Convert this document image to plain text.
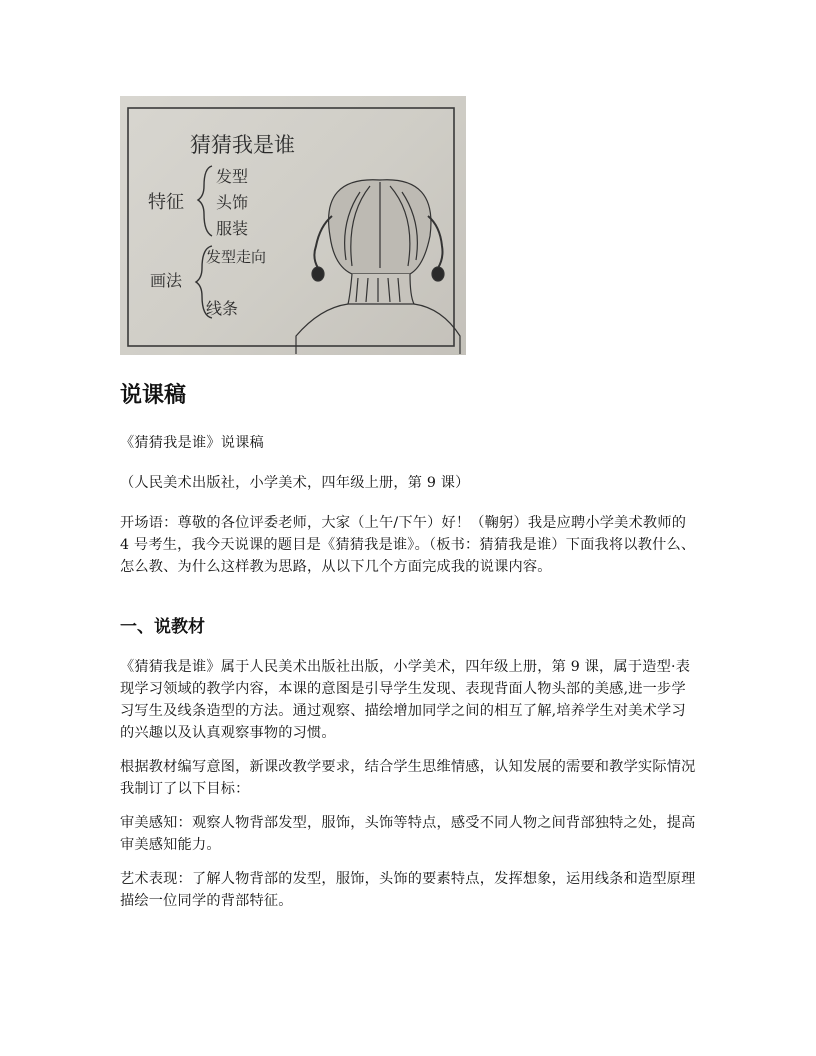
猜猜我是谁
特征
发型
头饰
服装
画法
发型走向
线条
说课稿

《猜猜我是谁》说课稿

（人民美术出版社，小学美术，四年级上册，第 9 课）

开场语：尊敬的各位评委老师，大家（上午/下午）好！（鞠躬）我是应聘小学美术教师的 4 号考生，我今天说课的题目是《猜猜我是谁》。（板书：猜猜我是谁）下面我将以教什么、怎么教、为什么这样教为思路，从以下几个方面完成我的说课内容。

一、说教材

《猜猜我是谁》属于人民美术出版社出版，小学美术，四年级上册，第 9 课，属于造型·表现学习领域的教学内容，本课的意图是引导学生发现、表现背面人物头部的美感,进一步学习写生及线条造型的方法。通过观察、描绘增加同学之间的相互了解,培养学生对美术学习的兴趣以及认真观察事物的习惯。

根据教材编写意图，新课改教学要求，结合学生思维情感，认知发展的需要和教学实际情况我制订了以下目标：

审美感知：观察人物背部发型，服饰，头饰等特点，感受不同人物之间背部独特之处，提高审美感知能力。

艺术表现：了解人物背部的发型，服饰，头饰的要素特点，发挥想象，运用线条和造型原理描绘一位同学的背部特征。
